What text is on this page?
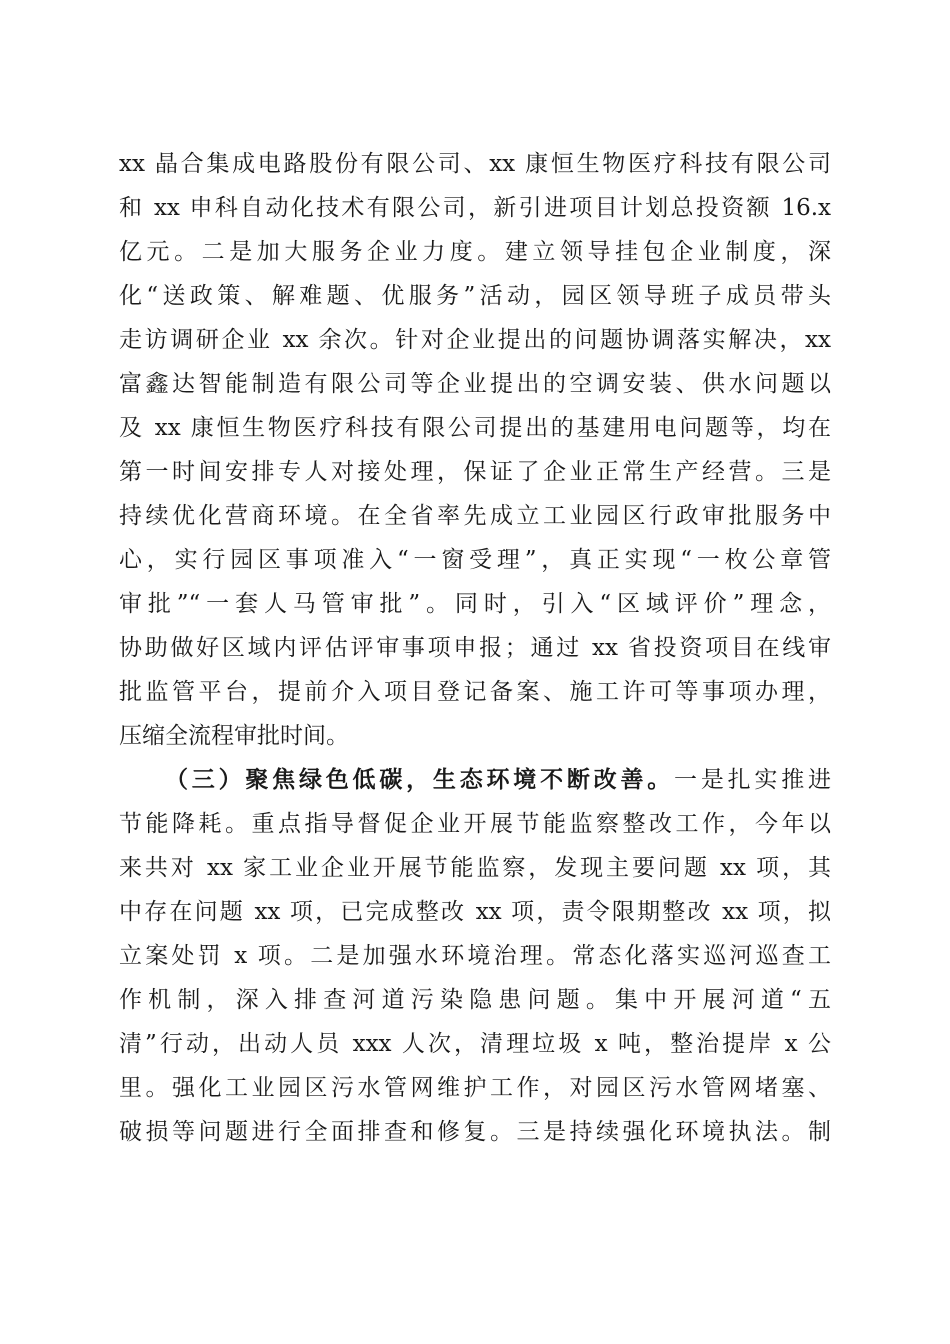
xx 晶合集成电路股份有限公司、xx 康恒生物医疗科技有限公司
和 xx 申科自动化技术有限公司，新引进项目计划总投资额 16.x
亿元。二是加大服务企业力度。建立领导挂包企业制度，深
化“送政策、解难题、优服务”活动，园区领导班子成员带头
走访调研企业 xx 余次。针对企业提出的问题协调落实解决，xx
富鑫达智能制造有限公司等企业提出的空调安装、供水问题以
及 xx 康恒生物医疗科技有限公司提出的基建用电问题等，均在
第一时间安排专人对接处理，保证了企业正常生产经营。三是
持续优化营商环境。在全省率先成立工业园区行政审批服务中
心，实行园区事项准入“一窗受理”，真正实现“一枚公章管
审批”“一套人马管审批”。同时，引入“区域评价”理念，
协助做好区域内评估评审事项申报；通过 xx 省投资项目在线审
批监管平台，提前介入项目登记备案、施工许可等事项办理，
压缩全流程审批时间。
（三）聚焦绿色低碳，生态环境不断改善。一是扎实推进
节能降耗。重点指导督促企业开展节能监察整改工作，今年以
来共对 xx 家工业企业开展节能监察，发现主要问题 xx 项，其
中存在问题 xx 项，已完成整改 xx 项，责令限期整改 xx 项，拟
立案处罚 x 项。二是加强水环境治理。常态化落实巡河巡查工
作机制，深入排查河道污染隐患问题。集中开展河道“五
清”行动，出动人员 xxx 人次，清理垃圾 x 吨，整治提岸 x 公
里。强化工业园区污水管网维护工作，对园区污水管网堵塞、
破损等问题进行全面排查和修复。三是持续强化环境执法。制
